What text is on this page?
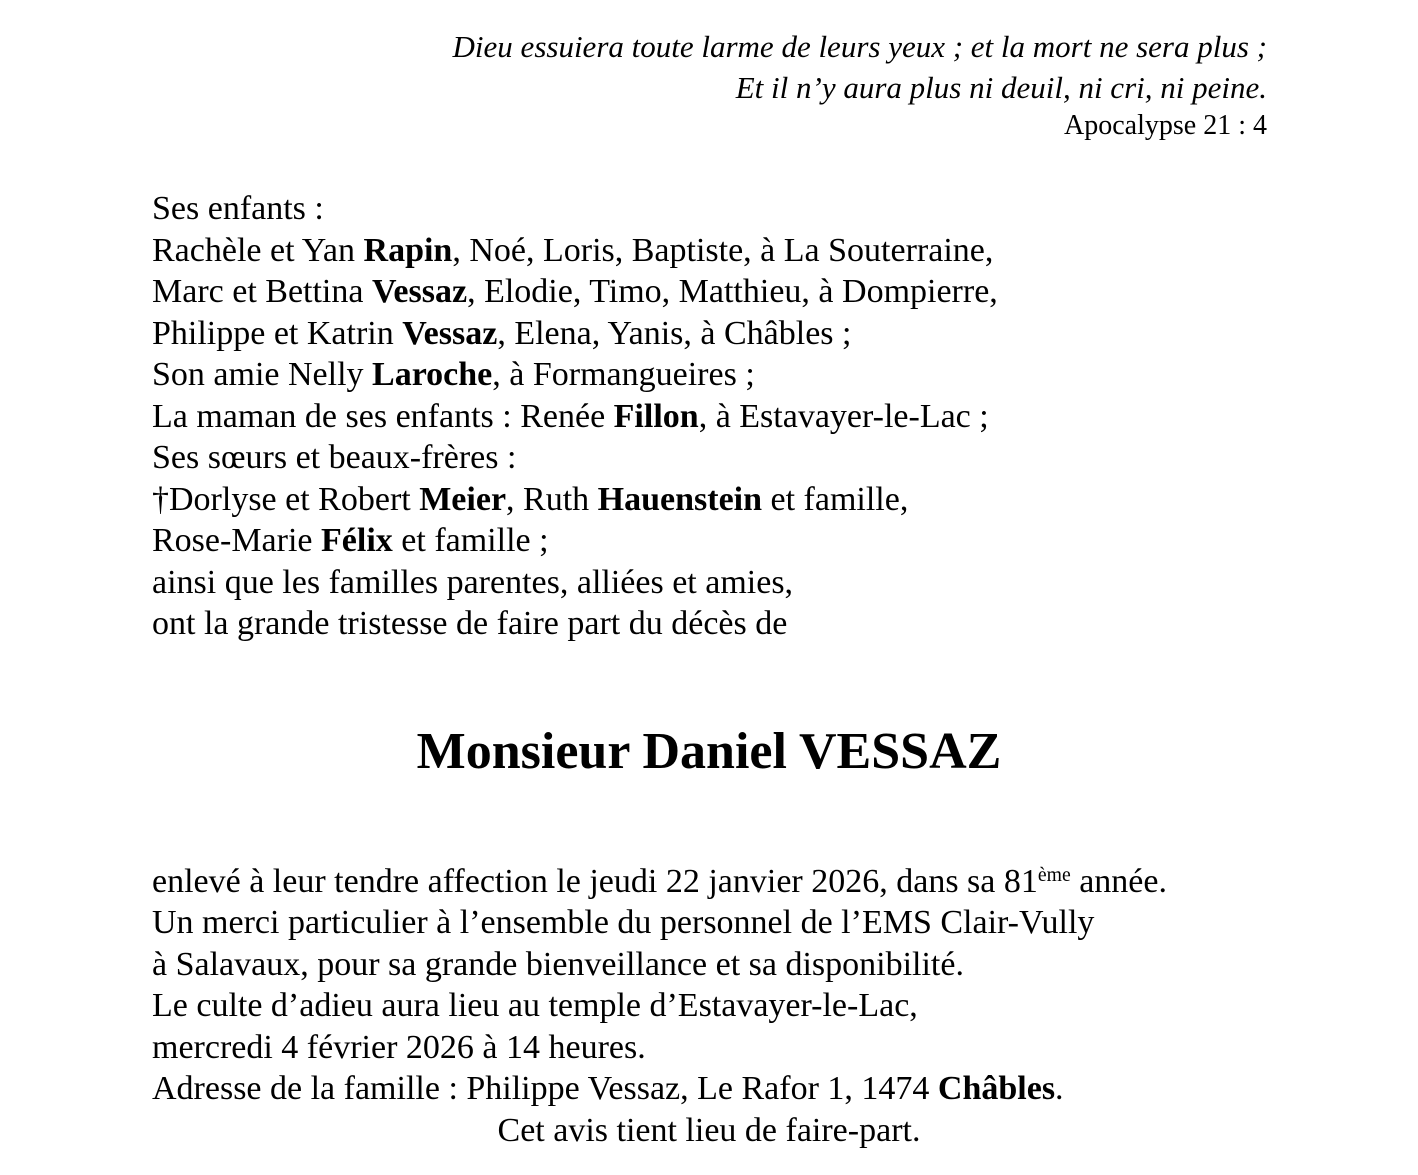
Dieu essuiera toute larme de leurs yeux ; et la mort ne sera plus ;
Et il n’y aura plus ni deuil, ni cri, ni peine.
Apocalypse 21 : 4
Ses enfants :
Rachèle et Yan Rapin, Noé, Loris, Baptiste, à La Souterraine,
Marc et Bettina Vessaz, Elodie, Timo, Matthieu, à Dompierre,
Philippe et Katrin Vessaz, Elena, Yanis, à Châbles ;
Son amie Nelly Laroche, à Formangueires ;
La maman de ses enfants : Renée Fillon, à Estavayer-le-Lac ;
Ses sœurs et beaux-frères :
†Dorlyse et Robert Meier, Ruth Hauenstein et famille,
Rose-Marie Félix et famille ;
ainsi que les familles parentes, alliées et amies,
ont la grande tristesse de faire part du décès de
Monsieur Daniel VESSAZ
enlevé à leur tendre affection le jeudi 22 janvier 2026, dans sa 81ème année.
Un merci particulier à l’ensemble du personnel de l’EMS Clair-Vully
à Salavaux, pour sa grande bienveillance et sa disponibilité.
Le culte d’adieu aura lieu au temple d’Estavayer-le-Lac,
mercredi 4 février 2026 à 14 heures.
Adresse de la famille : Philippe Vessaz, Le Rafor 1, 1474 Châbles.
Cet avis tient lieu de faire-part.
